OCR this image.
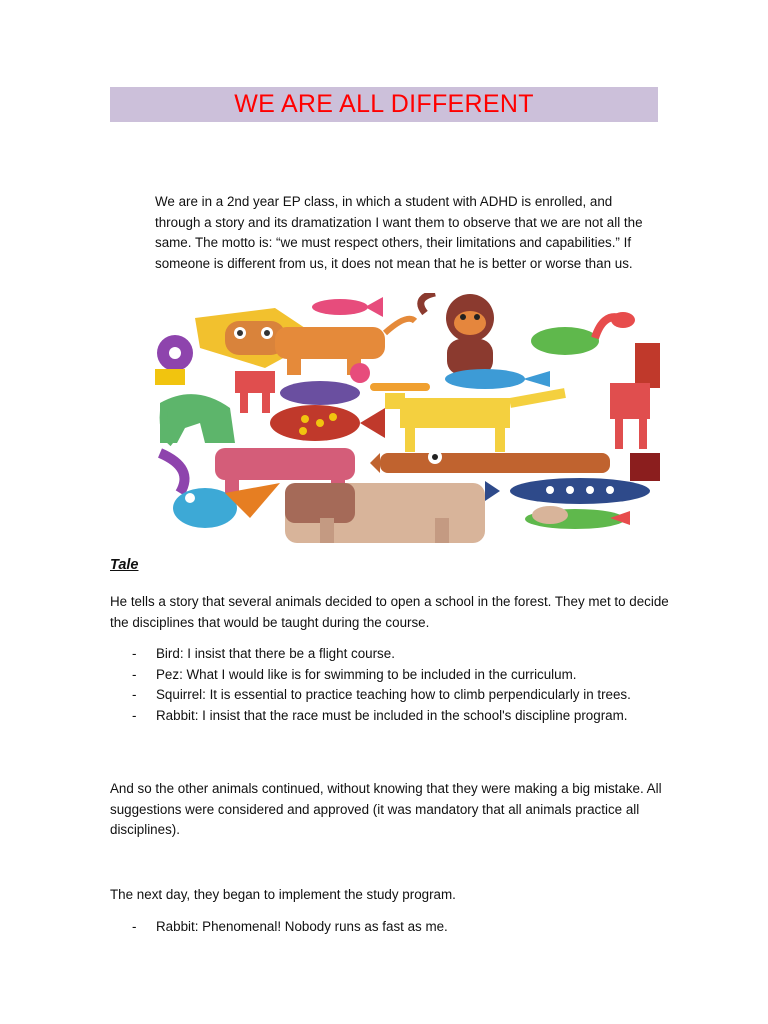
WE ARE ALL DIFFERENT

We are in a 2nd year EP class, in which a student with ADHD is enrolled, and through a story and its dramatization I want them to observe that we are not all the same. The motto is: “we must respect others, their limitations and capabilities.” If someone is different from us, it does not mean that he is better or worse than us.

Tale

He tells a story that several animals decided to open a school in the forest. They met to decide the disciplines that would be taught during the course.

- Bird: I insist that there be a flight course.
- Pez: What I would like is for swimming to be included in the curriculum.
- Squirrel: It is essential to practice teaching how to climb perpendicularly in trees.
- Rabbit: I insist that the race must be included in the school's discipline program.

And so the other animals continued, without knowing that they were making a big mistake. All suggestions were considered and approved (it was mandatory that all animals practice all disciplines).

The next day, they began to implement the study program.

- Rabbit: Phenomenal! Nobody runs as fast as me.
